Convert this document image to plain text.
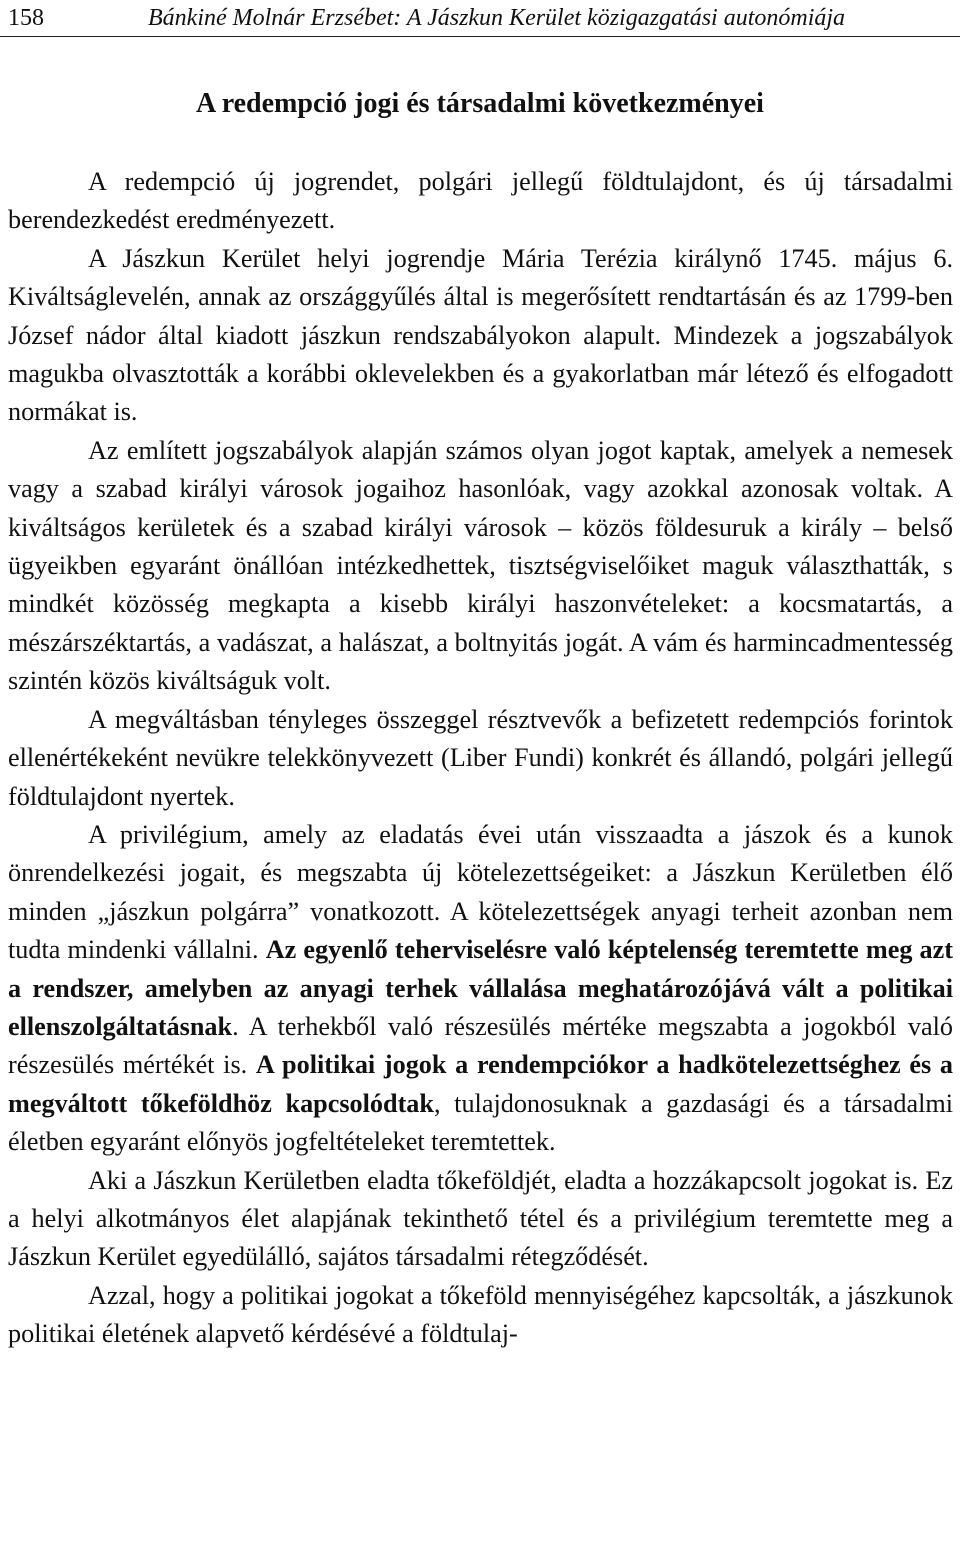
158	Bánkiné Molnár Erzsébet: A Jászkun Kerület közigazgatási autonómiája
A redempció jogi és társadalmi következményei

A redempció új jogrendet, polgári jellegű földtulajdont, és új társadalmi berendezkedést eredményezett.

A Jászkun Kerület helyi jogrendje Mária Terézia királynő 1745. május 6. Kiváltságlevelén, annak az országgyűlés által is megerősített rendtartásán és az 1799-ben József nádor által kiadott jászkun rendszabályokon alapult. Mindezek a jogszabályok magukba olvasztották a korábbi oklevelekben és a gyakorlatban már létező és elfogadott normákat is.

Az említett jogszabályok alapján számos olyan jogot kaptak, amelyek a nemesek vagy a szabad királyi városok jogaihoz hasonlóak, vagy azokkal azonosak voltak. A kiváltságos kerületek és a szabad királyi városok – közös földesuruk a király – belső ügyeikben egyaránt önállóan intézkedhettek, tisztségviselőiket maguk választhatták, s mindkét közösség megkapta a kisebb királyi haszonvételeket: a kocsmatartás, a mészárszéktartás, a vadászat, a halászat, a boltnyitás jogát. A vám és harmincadmentesség szintén közös kiváltságuk volt.

A megváltásban tényleges összeggel résztvevők a befizetett redempciós forintok ellenértékeként nevükre telekkönyvezett (Liber Fundi) konkrét és állandó, polgári jellegű földtulajdont nyertek.

A privilégium, amely az eladatás évei után visszaadta a jászok és a kunok önrendelkezési jogait, és megszabta új kötelezettségeiket: a Jászkun Kerületben élő minden „jászkun polgárra” vonatkozott. A kötelezettségek anyagi terheit azonban nem tudta mindenki vállalni. Az egyenlő teherviselésre való képtelenség teremtette meg azt a rendszer, amelyben az anyagi terhek vállalása meghatározójává vált a politikai ellenszolgáltatásnak. A terhekből való részesülés mértéke megszabta a jogokból való részesülés mértékét is. A politikai jogok a rendempciókor a hadkötelezettséghez és a megváltott tőkeföldhöz kapcsolódtak, tulajdonosuknak a gazdasági és a társadalmi életben egyaránt előnyös jogfeltételeket teremtettek.

Aki a Jászkun Kerületben eladta tőkeföldjét, eladta a hozzákapcsolt jogokat is. Ez a helyi alkotmányos élet alapjának tekinthető tétel és a privilégium teremtette meg a Jászkun Kerület egyedülálló, sajátos társadalmi rétegződését.

Azzal, hogy a politikai jogokat a tőkeföld mennyiségéhez kapcsolták, a jászkunok politikai életének alapvető kérdésévé a földtulaj-
